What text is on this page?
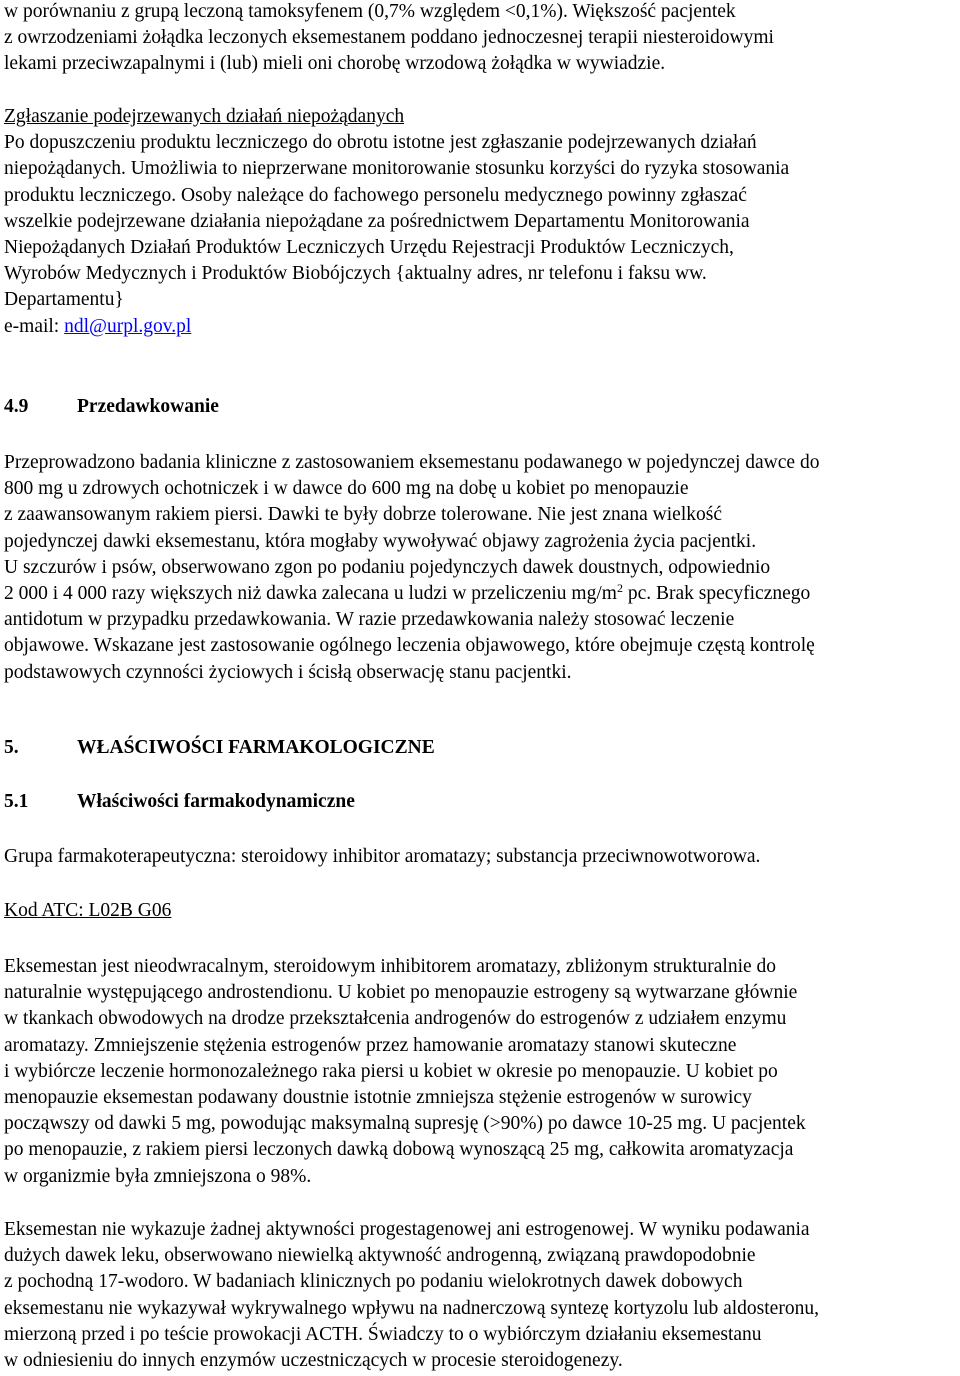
w porównaniu z grupą leczoną tamoksyfenem (0,7% względem <0,1%). Większość pacjentek
z owrzodzeniami żołądka leczonych eksemestanem poddano jednoczesnej terapii niesteroidowymi
lekami przeciwzapalnymi i (lub) mieli oni chorobę wrzodową żołądka w wywiadzie.

Zgłaszanie podejrzewanych działań niepożądanych
Po dopuszczeniu produktu leczniczego do obrotu istotne jest zgłaszanie podejrzewanych działań
niepożądanych. Umożliwia to nieprzerwane monitorowanie stosunku korzyści do ryzyka stosowania
produktu leczniczego. Osoby należące do fachowego personelu medycznego powinny zgłaszać
wszelkie podejrzewane działania niepożądane za pośrednictwem Departamentu Monitorowania
Niepożądanych Działań Produktów Leczniczych Urzędu Rejestracji Produktów Leczniczych,
Wyrobów Medycznych i Produktów Biobójczych {aktualny adres, nr telefonu i faksu ww.
Departamentu}
e-mail: ndl@urpl.gov.pl

4.9 Przedawkowanie

Przeprowadzono badania kliniczne z zastosowaniem eksemestanu podawanego w pojedynczej dawce do
800 mg u zdrowych ochotniczek i w dawce do 600 mg na dobę u kobiet po menopauzie
z zaawansowanym rakiem piersi. Dawki te były dobrze tolerowane. Nie jest znana wielkość
pojedynczej dawki eksemestanu, która mogłaby wywoływać objawy zagrożenia życia pacjentki.
U szczurów i psów, obserwowano zgon po podaniu pojedynczych dawek doustnych, odpowiednio
2 000 i 4 000 razy większych niż dawka zalecana u ludzi w przeliczeniu $mg/m^2$ pc. Brak specyficznego
antidotum w przypadku przedawkowania. W razie przedawkowania należy stosować leczenie
objawowe. Wskazane jest zastosowanie ogólnego leczenia objawowego, które obejmuje częstą kontrolę
podstawowych czynności życiowych i ścisłą obserwację stanu pacjentki.

5.	WŁAŚCIWOŚCI FARMAKOLOGICZNE
5.1 Właściwości farmakodynamiczne

Grupa farmakoterapeutyczna: steroidowy inhibitor aromatazy; substancja przeciwnowotworowa.

Kod ATC: L02B G06

Eksemestan jest nieodwracalnym, steroidowym inhibitorem aromatazy, zbliżonym strukturalnie do
naturalnie występującego androstendionu. U kobiet po menopauzie estrogeny są wytwarzane głównie
w tkankach obwodowych na drodze przekształcenia androgenów do estrogenów z udziałem enzymu
aromatazy. Zmniejszenie stężenia estrogenów przez hamowanie aromatazy stanowi skuteczne
i wybiórcze leczenie hormonozależnego raka piersi u kobiet w okresie po menopauzie. U kobiet po
menopauzie eksemestan podawany doustnie istotnie zmniejsza stężenie estrogenów w surowicy
począwszy od dawki 5 mg, powodując maksymalną supresję (>90%) po dawce 10-25 mg. U pacjentek
po menopauzie, z rakiem piersi leczonych dawką dobową wynoszącą 25 mg, całkowita aromatyzacja
w organizmie była zmniejszona o 98%.

Eksemestan nie wykazuje żadnej aktywności progestagenowej ani estrogenowej. W wyniku podawania
dużych dawek leku, obserwowano niewielką aktywność androgenną, związaną prawdopodobnie
z pochodną 17-wodoro. W badaniach klinicznych po podaniu wielokrotnych dawek dobowych
eksemestanu nie wykazywał wykrywalnego wpływu na nadnerczową syntezę kortyzolu lub aldosteronu,
mierzoną przed i po teście prowokacji ACTH. Świadczy to o wybiórczym działaniu eksemestanu
w odniesieniu do innych enzymów uczestniczących w procesie steroidogenezy.
